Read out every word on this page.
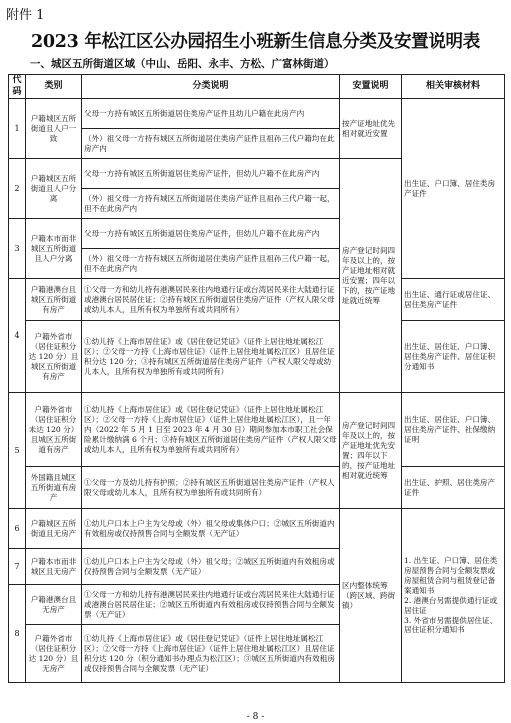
附件 1
2023 年松江区公办园招生小班新生信息分类及安置说明表
一、城区五所街道区域（中山、岳阳、永丰、方松、广富林街道）
代码	类别	分类说明	安置说明	相关审核材料
1	户籍城区五所街道且人户一致	父母一方持有城区五所街道居住类房产证件且幼儿户籍在此房产内	按产证地址优先相对就近安置	出生证、户口簿、居住类房产证件
		（外）祖父母一方持有城区五所街道居住类房产证件且祖孙三代户籍均在此房产内		
2	户籍城区五所街道且人户分离	父母一方持有城区五所街道居住类房产证件，但幼儿户籍不在此房产内	房产登记时间四年及以上的，按产证地址相对就近安置；四年以下的，按产证地址就近统筹	
		（外）祖父母一方持有城区五所街道居住类房产证件且祖孙三代户籍一起，但不在此房产内		
3	户籍本市而非城区五所街道且人户分离	父母一方持有城区五所街道居住类房产证件，但幼儿户籍不在此房产内		
		（外）祖父母一方持有城区五所街道居住类房产证件且祖孙三代户籍一起，但不在此房产内		
4	户籍港澳台且城区五所街道有房产	①父母一方和幼儿持有港澳居民来往内地通行证或台湾居民来往大陆通行证或港澳台居民居住证；②持有城区五所街道居住类房产证件（产权人限父母或幼儿本人，且所有权为单独所有或共同所有）		出生证、通行证或居住证、居住类房产证件
	户籍外省市（居住证积分达 120 分）且城区五所街道有房产	①幼儿持《上海市居住证》或《居住登记凭证》（证件上居住地址属松江区）；②父母一方持《上海市居住证》（证件上居住地址属松江区）且居住证积分达 120 分；③持有城区五所街道居住类房产证件（产权人限父母或幼儿本人，且所有权为单独所有或共同所有）		出生证、居住证、户口簿、居住类房产证件、居住证积分通知书
5	户籍外省市（居住证积分未达 120 分）且城区五所街道有房产	①幼儿持《上海市居住证》或《居住登记凭证》（证件上居住地址属松江区）；②父母一方持《上海市居住证》（证件上居住地址属松江区），且一年内（2022 年 5 月 1 日至 2023 年 4 月 30 日）期间参加本市职工社会保险累计缴纳满 6 个月；③持有城区五所街道居住类房产证件（产权人限父母或幼儿本人，且所有权为单独所有或共同所有）	房产登记时间四年及以上的，按产证地址优先安置；四年以下的，按产证地址相对就近统筹	出生证、居住证、户口簿、居住类房产证件、社保缴纳证明
	外国籍且城区五所街道有房产	①父母一方及幼儿持有护照；②持有城区五所街道居住类房产证件（产权人限父母或幼儿本人，且所有权为单独所有或共同所有）		出生证、护照、居住类房产证件
6	户籍城区五所街道且无房产	①幼儿户口本上户主为父母或（外）祖父母或集体户口；②城区五所街道内有效租房或仅持预售合同与全额发票（无产证）	区内整体统筹（跨区域、跨街镇）	1. 出生证、户口簿、居住类房屋预售合同与全额发票或房屋租赁合同与租赁登记备案通知书
2. 港澳台另需提供通行证或居住证
3. 外省市另需提供居住证、居住证积分通知书
7	户籍本市而非城区且无房产	①幼儿户口本上户主为父母或（外）祖父母；②城区五所街道内有效租房或仅持预售合同与全额发票（无产证）		
8	户籍港澳台且无房产	①父母一方和幼儿持有港澳居民来往内地通行证或台湾居民来往大陆通行证或港澳台居民居住证；②城区五所街道内有效租房或仅持预售合同与全额发票（无产证）		
	户籍外省市（居住证积分达 120 分）且无房产	①幼儿持《上海市居住证》或《居住登记凭证》（证件上居住地址属松江区）；②父母一方持《上海市居住证》（证件上居住地址属松江区）且居住证积分达 120 分（积分通知书办理点为松江区）；③城区五所街道内有效租房或仅持预售合同与全额发票（无产证）		
- 8 -
